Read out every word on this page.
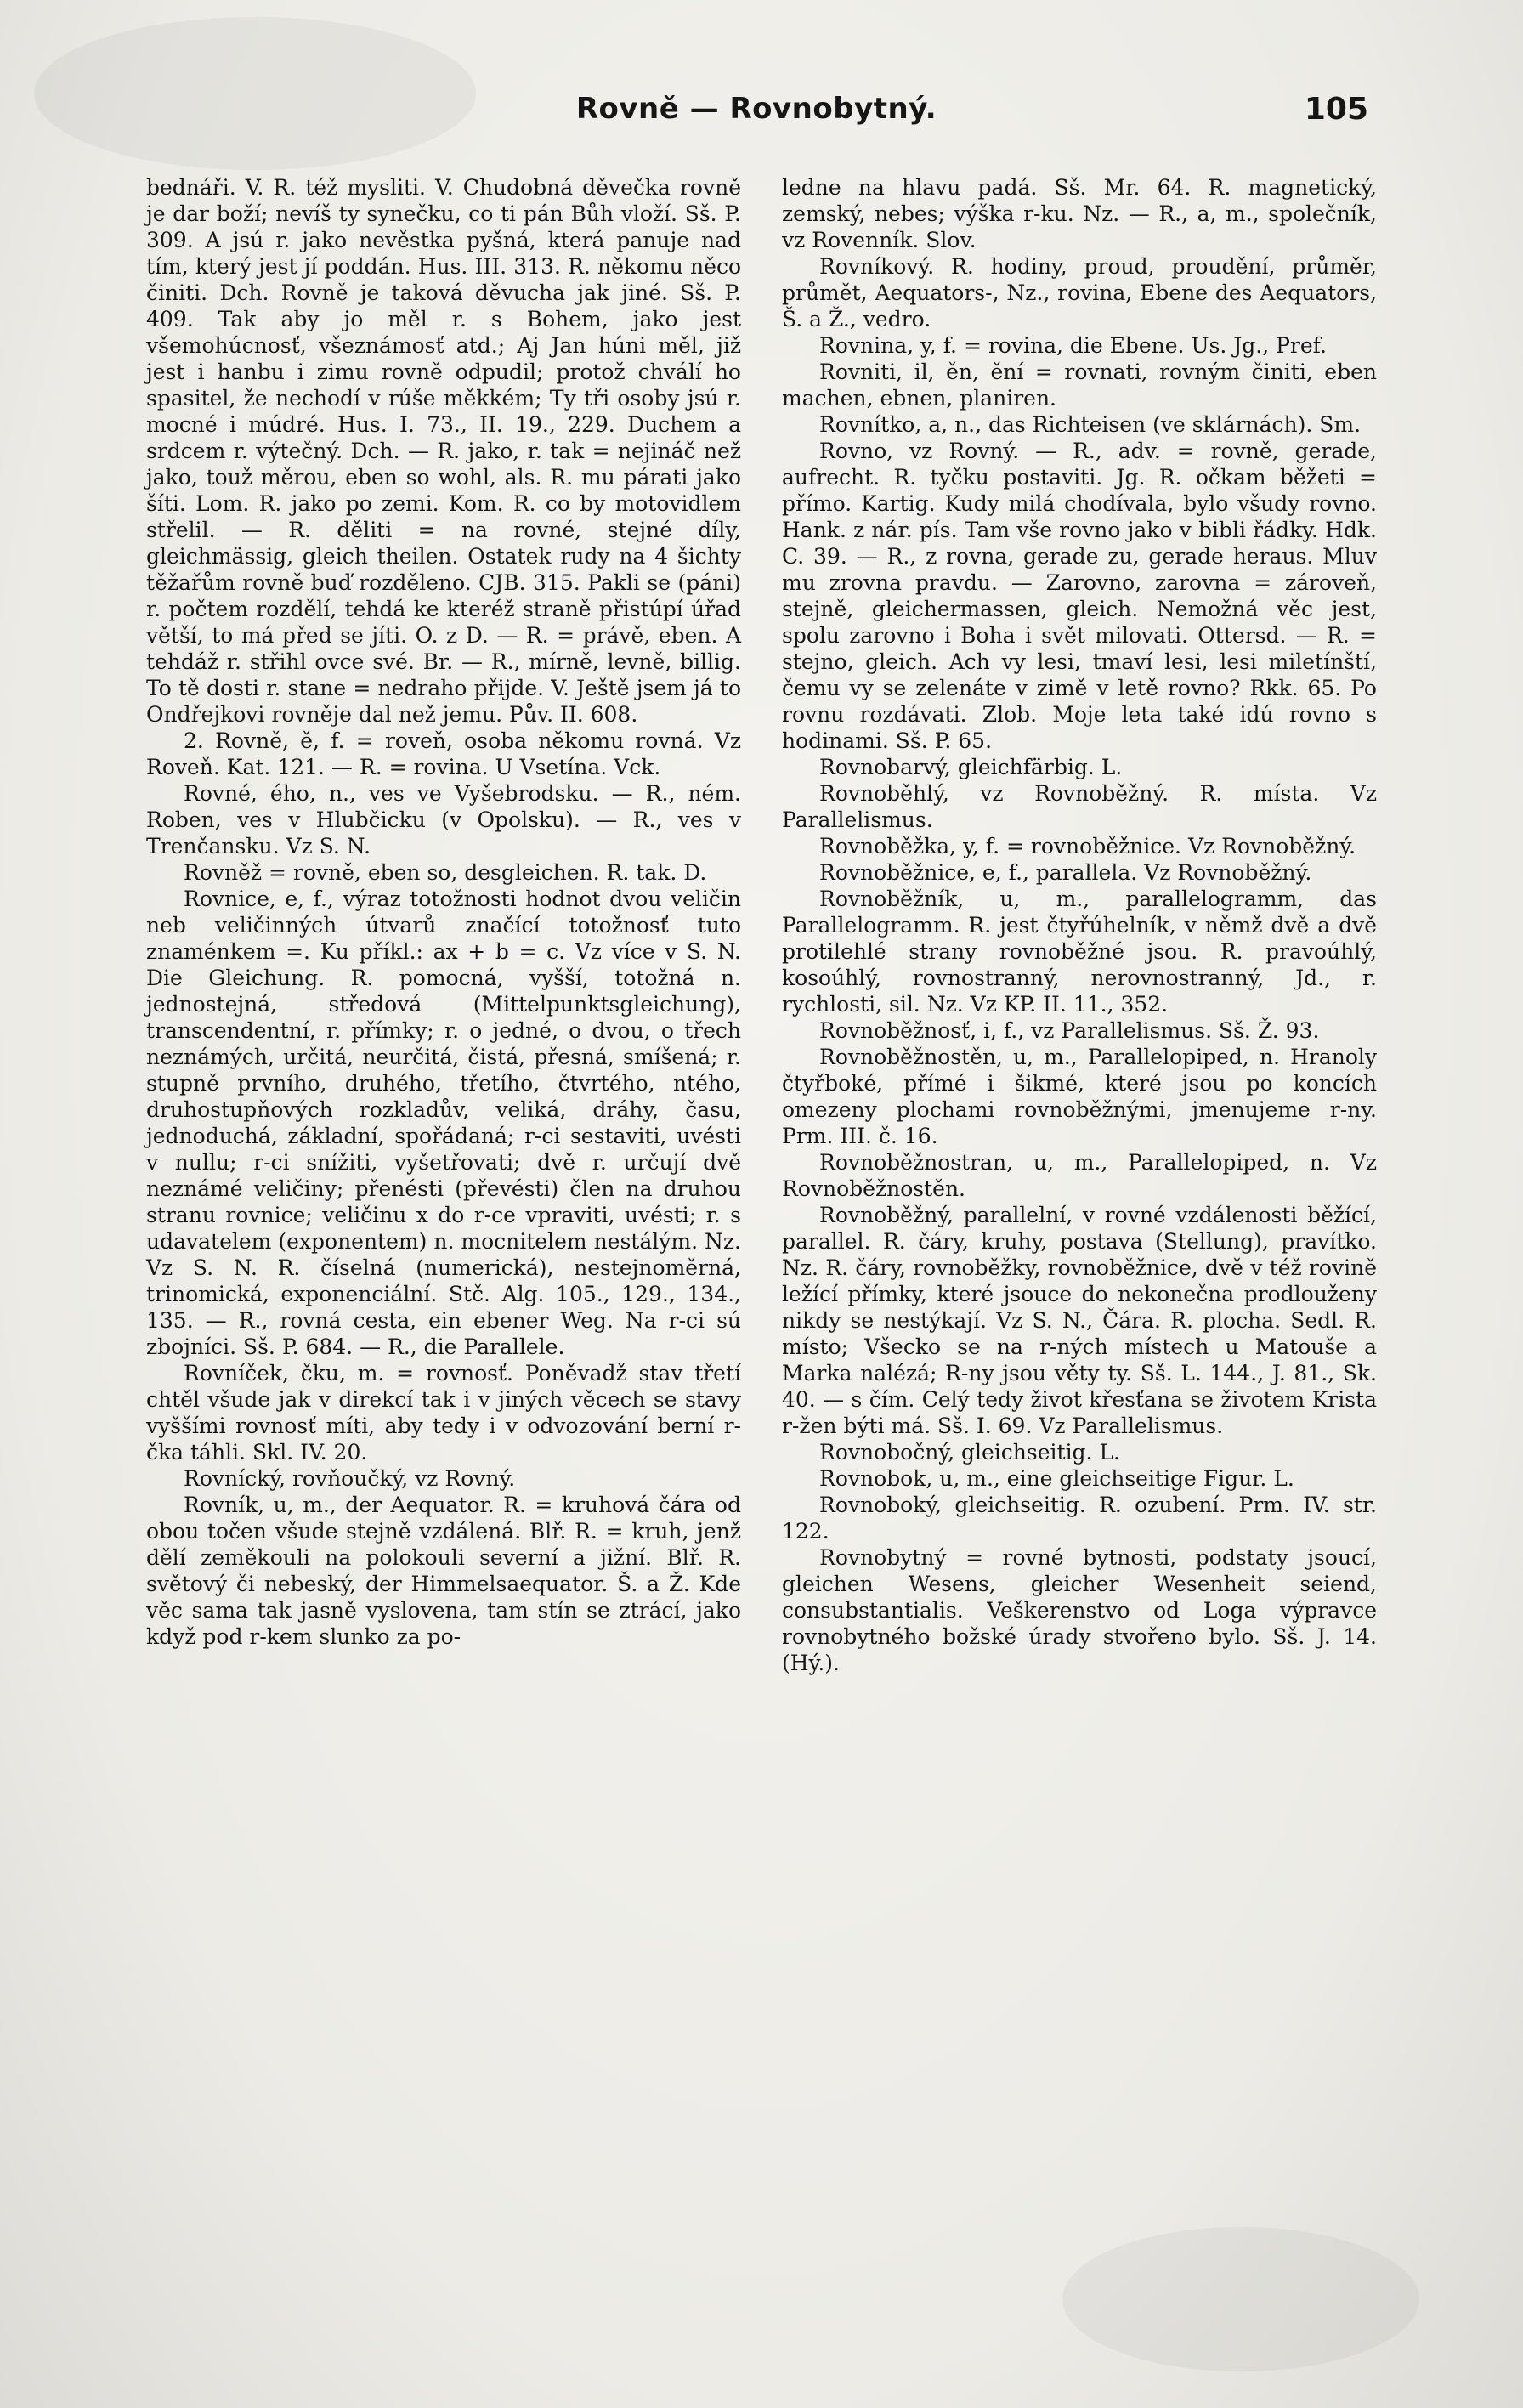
Rovně — Rovnobytný.	105

bednáři. V. R. též mysliti. V. Chudobná děvečka rovně je dar boží; nevíš ty synečku, co ti pán Bůh vloží. Sš. P. 309. A jsú r. jako nevěstka pyšná, která panuje nad tím, který jest jí poddán. Hus. III. 313. R. někomu něco činiti. Dch. Rovně je taková děvucha jak jiné. Sš. P. 409. Tak aby jo měl r. s Bohem, jako jest všemohúcnosť, všeznámosť atd.; Aj Jan húni měl, již jest i hanbu i zimu rovně odpudil; protož chválí ho spasitel, že nechodí v rúše měkkém; Ty tři osoby jsú r. mocné i múdré. Hus. I. 73., II. 19., 229. Duchem a srdcem r. výtečný. Dch. — R. jako, r. tak = nejináč než jako, touž měrou, eben so wohl, als. R. mu párati jako šíti. Lom. R. jako po zemi. Kom. R. co by motovidlem střelil. — R. děliti = na rovné, stejné díly, gleichmässig, gleich theilen. Ostatek rudy na 4 šichty těžařům rovně buď rozděleno. CJB. 315. Pakli se (páni) r. počtem rozdělí, tehdá ke kteréž straně přistúpí úřad větší, to má před se jíti. O. z D. — R. = právě, eben. A tehdáž r. střihl ovce své. Br. — R., mírně, levně, billig. To tě dosti r. stane = nedraho přijde. V. Ještě jsem já to Ondřejkovi rovněje dal než jemu. Pův. II. 608.

2. Rovně, ě, f. = roveň, osoba někomu rovná. Vz Roveň. Kat. 121. — R. = rovina. U Vsetína. Vck.

Rovné, ého, n., ves ve Vyšebrodsku. — R., ném. Roben, ves v Hlubčicku (v Opolsku). — R., ves v Trenčansku. Vz S. N.

Rovněž = rovně, eben so, desgleichen. R. tak. D.

Rovnice, e, f., výraz totožnosti hodnot dvou veličin neb veličinných útvarů značící totožnosť tuto znaménkem =. Ku příkl.: ax + b = c. Vz více v S. N. Die Gleichung. R. pomocná, vyšší, totožná n. jednostejná, středová (Mittelpunktsgleichung), transcendentní, r. přímky; r. o jedné, o dvou, o třech neznámých, určitá, neurčitá, čistá, přesná, smíšená; r. stupně prvního, druhého, třetího, čtvrtého, ntého, druhostupňových rozkladův, veliká, dráhy, času, jednoduchá, základní, spořádaná; r-ci sestaviti, uvésti v nullu; r-ci snížiti, vyšetřovati; dvě r. určují dvě neznámé veličiny; přenésti (převésti) člen na druhou stranu rovnice; veličinu x do r-ce vpraviti, uvésti; r. s udavatelem (exponentem) n. mocnitelem nestálým. Nz. Vz S. N. R. číselná (numerická), nestejnoměrná, trinomická, exponenciální. Stč. Alg. 105., 129., 134., 135. — R., rovná cesta, ein ebener Weg. Na r-ci sú zbojníci. Sš. P. 684. — R., die Parallele.

Rovníček, čku, m. = rovnosť. Poněvadž stav třetí chtěl všude jak v direkcí tak i v jiných věcech se stavy vyššími rovnosť míti, aby tedy i v odvozování berní r-čka táhli. Skl. IV. 20.

Rovnícký, rovňoučký, vz Rovný.

Rovník, u, m., der Aequator. R. = kruhová čára od obou točen všude stejně vzdálená. Blř. R. = kruh, jenž dělí zeměkouli na polokouli severní a jižní. Blř. R. světový či nebeský, der Himmelsaequator. Š. a Ž. Kde věc sama tak jasně vyslovena, tam stín se ztrácí, jako když pod r-kem slunko za po-

ledne na hlavu padá. Sš. Mr. 64. R. magnetický, zemský, nebes; výška r-ku. Nz. — R., a, m., společník, vz Rovenník. Slov.

Rovníkový. R. hodiny, proud, proudění, průměr, průmět, Aequators-, Nz., rovina, Ebene des Aequators, Š. a Ž., vedro.

Rovnina, y, f. = rovina, die Ebene. Us. Jg., Pref.

Rovniti, il, ěn, ění = rovnati, rovným činiti, eben machen, ebnen, planiren.

Rovnítko, a, n., das Richteisen (ve sklárnách). Sm.

Rovno, vz Rovný. — R., adv. = rovně, gerade, aufrecht. R. tyčku postaviti. Jg. R. očkam běžeti = přímo. Kartig. Kudy milá chodívala, bylo všudy rovno. Hank. z nár. pís. Tam vše rovno jako v bibli řádky. Hdk. C. 39. — R., z rovna, gerade zu, gerade heraus. Mluv mu zrovna pravdu. — Zarovno, zarovna = zároveň, stejně, gleichermassen, gleich. Nemožná věc jest, spolu zarovno i Boha i svět milovati. Ottersd. — R. = stejno, gleich. Ach vy lesi, tmaví lesi, lesi miletínští, čemu vy se zelenáte v zimě v letě rovno? Rkk. 65. Po rovnu rozdávati. Zlob. Moje leta také idú rovno s hodinami. Sš. P. 65.

Rovnobarvý, gleichfärbig. L.

Rovnoběhlý, vz Rovnoběžný. R. místa. Vz Parallelismus.

Rovnoběžka, y, f. = rovnoběžnice. Vz Rovnoběžný.

Rovnoběžnice, e, f., parallela. Vz Rovnoběžný.

Rovnoběžník, u, m., parallelogramm, das Parallelogramm. R. jest čtyřúhelník, v němž dvě a dvě protilehlé strany rovnoběžné jsou. R. pravoúhlý, kosoúhlý, rovnostranný, nerovnostranný, Jd., r. rychlosti, sil. Nz. Vz KP. II. 11., 352.

Rovnoběžnosť, i, f., vz Parallelismus. Sš. Ž. 93.

Rovnoběžnostěn, u, m., Parallelopiped, n. Hranoly čtyřboké, přímé i šikmé, které jsou po koncích omezeny plochami rovnoběžnými, jmenujeme r-ny. Prm. III. č. 16.

Rovnoběžnostran, u, m., Parallelopiped, n. Vz Rovnoběžnostěn.

Rovnoběžný, parallelní, v rovné vzdálenosti běžící, parallel. R. čáry, kruhy, postava (Stellung), pravítko. Nz. R. čáry, rovnoběžky, rovnoběžnice, dvě v též rovině ležící přímky, které jsouce do nekonečna prodlouženy nikdy se nestýkají. Vz S. N., Čára. R. plocha. Sedl. R. místo; Všecko se na r-ných místech u Matouše a Marka nalézá; R-ny jsou věty ty. Sš. L. 144., J. 81., Sk. 40. — s čím. Celý tedy život křesťana se životem Krista r-žen býti má. Sš. I. 69. Vz Parallelismus.

Rovnobočný, gleichseitig. L.

Rovnobok, u, m., eine gleichseitige Figur. L.

Rovnoboký, gleichseitig. R. ozubení. Prm. IV. str. 122.

Rovnobytný = rovné bytnosti, podstaty jsoucí, gleichen Wesens, gleicher Wesenheit seiend, consubstantialis. Veškerenstvo od Loga výpravce rovnobytného božské úrady stvořeno bylo. Sš. J. 14. (Hý.).
